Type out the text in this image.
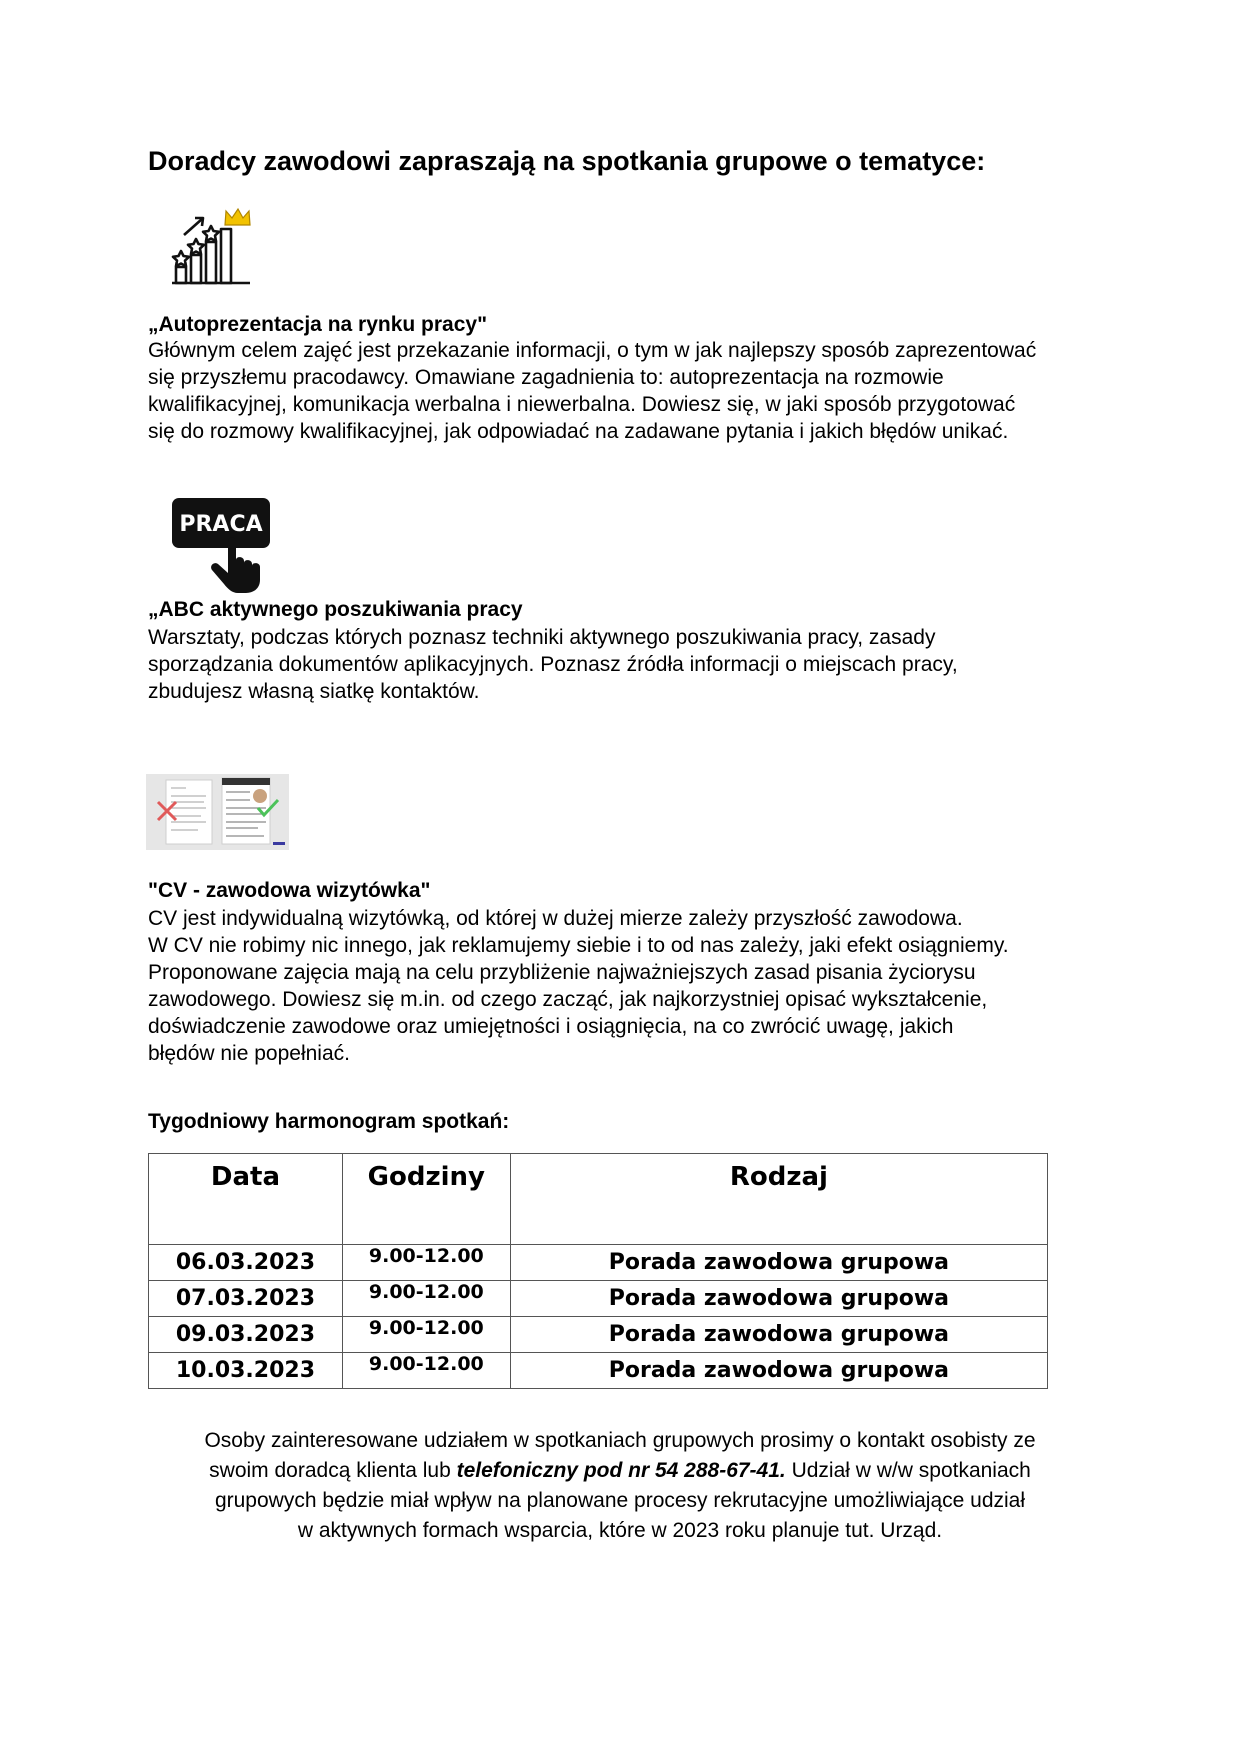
Doradcy zawodowi zapraszają na spotkania grupowe o tematyce:
„Autoprezentacja na rynku pracy"
Głównym celem zajęć jest przekazanie informacji, o tym w jak najlepszy sposób zaprezentować
się przyszłemu pracodawcy. Omawiane zagadnienia to: autoprezentacja na rozmowie
kwalifikacyjnej, komunikacja werbalna i niewerbalna. Dowiesz się, w jaki sposób przygotować
się do rozmowy kwalifikacyjnej, jak odpowiadać na zadawane pytania i jakich błędów unikać.
PRACA
„ABC aktywnego poszukiwania pracy
Warsztaty, podczas których poznasz techniki aktywnego poszukiwania pracy, zasady
sporządzania dokumentów aplikacyjnych. Poznasz źródła informacji o miejscach pracy,
zbudujesz własną siatkę kontaktów.
"CV - zawodowa wizytówka"
CV jest indywidualną wizytówką, od której w dużej mierze zależy przyszłość zawodowa.
W CV nie robimy nic innego, jak reklamujemy siebie i to od nas zależy, jaki efekt osiągniemy.
Proponowane zajęcia mają na celu przybliżenie najważniejszych zasad pisania życiorysu
zawodowego. Dowiesz się m.in. od czego zacząć, jak najkorzystniej opisać wykształcenie,
doświadczenie zawodowe oraz umiejętności i osiągnięcia, na co zwrócić uwagę, jakich
błędów nie popełniać.
Tygodniowy harmonogram spotkań:
Data	Godziny	Rodzaj
06.03.2023	9.00-12.00	Porada zawodowa grupowa
07.03.2023	9.00-12.00	Porada zawodowa grupowa
09.03.2023	9.00-12.00	Porada zawodowa grupowa
10.03.2023	9.00-12.00	Porada zawodowa grupowa
Osoby zainteresowane udziałem w spotkaniach grupowych prosimy o kontakt osobisty ze
swoim doradcą klienta lub telefoniczny pod nr 54 288-67-41. Udział w w/w spotkaniach
grupowych będzie miał wpływ na planowane procesy rekrutacyjne umożliwiające udział
w aktywnych formach wsparcia, które w 2023 roku planuje tut. Urząd.
